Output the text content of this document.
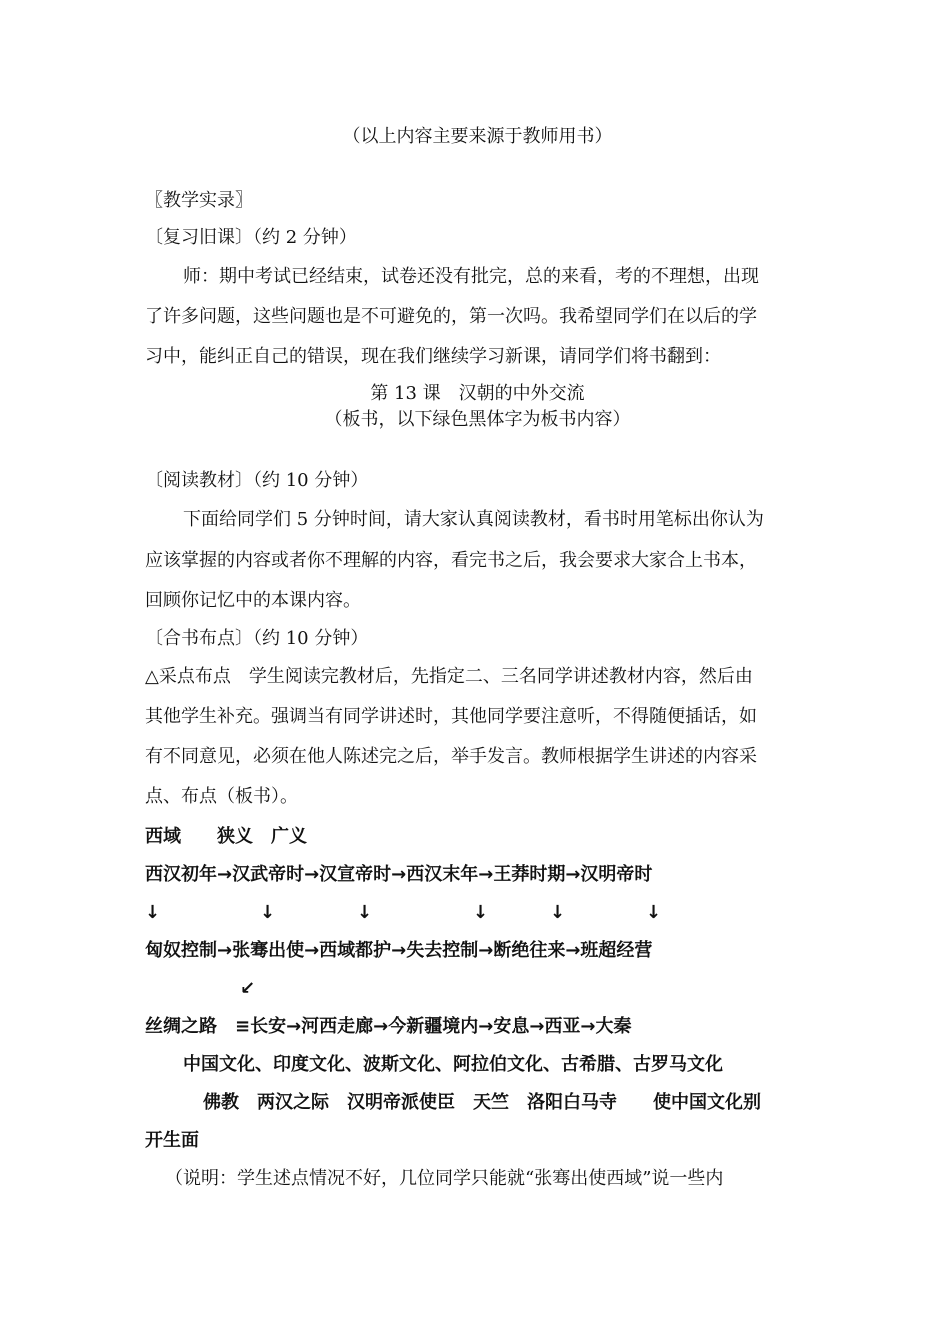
（以上内容主要来源于教师用书）
〖教学实录〗
〔复习旧课〕（约 2 分钟）
师：期中考试已经结束，试卷还没有批完，总的来看，考的不理想，出现
了许多问题，这些问题也是不可避免的，第一次吗。我希望同学们在以后的学
习中，能纠正自己的错误，现在我们继续学习新课，请同学们将书翻到：
第 13 课　汉朝的中外交流
（板书，以下绿色黑体字为板书内容）
〔阅读教材〕（约 10 分钟）
下面给同学们 5 分钟时间，请大家认真阅读教材，看书时用笔标出你认为
应该掌握的内容或者你不理解的内容，看完书之后，我会要求大家合上书本，
回顾你记忆中的本课内容。
〔合书布点〕（约 10 分钟）
△采点布点　学生阅读完教材后，先指定二、三名同学讲述教材内容，然后由
其他学生补充。强调当有同学讲述时，其他同学要注意听，不得随便插话，如
有不同意见，必须在他人陈述完之后，举手发言。教师根据学生讲述的内容采
点、布点（板书）。
西域　　狭义　广义
西汉初年→汉武帝时→汉宣帝时→西汉末年→王莽时期→汉明帝时
↓	↓	↓	↓	↓	↓
匈奴控制→张骞出使→西域都护→失去控制→断绝往来→班超经营
↙
丝绸之路　≡长安→河西走廊→今新疆境内→安息→西亚→大秦
中国文化、印度文化、波斯文化、阿拉伯文化、古希腊、古罗马文化
佛教　两汉之际　汉明帝派使臣　天竺　洛阳白马寺　　使中国文化别
开生面
（说明：学生述点情况不好，几位同学只能就“张骞出使西域”说一些内
